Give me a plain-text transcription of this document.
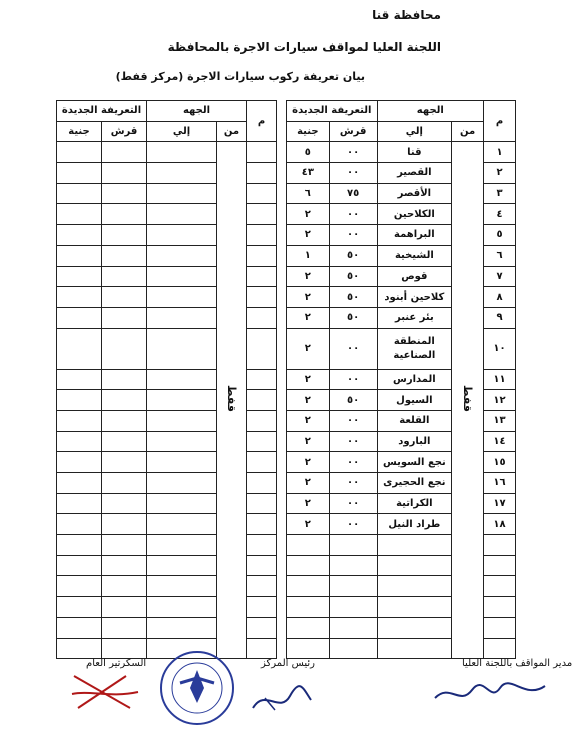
محافظة قنا
اللجنة العليا لمواقف سيارات الاجرة بالمحافظة
بيان تعريفة ركوب سيارات الاجرة (مركز قفط)
م	الجهه		التعريفة الجديدة	
	من	إلي	قرش	جنية
١	قفط	قنا	٠٠	٥
٢		القصير	٠٠	٤٣
٣		الأقصر	٧٥	٦
٤		الكلاحين	٠٠	٢
٥		البراهمة	٠٠	٢
٦		الشيخية	٥٠	١
٧		قوص	٥٠	٢
٨		كلاحين أبنود	٥٠	٢
٩		بئر عنبر	٥٠	٢
١٠		المنطقة الصناعية	٠٠	٢
١١		المدارس	٠٠	٢
١٢		السيول	٥٠	٢
١٣		القلعة	٠٠	٢
١٤		البارود	٠٠	٢
١٥		نجع السويس	٠٠	٢
١٦		نجع الحجيرى	٠٠	٢
١٧		الكراتية	٠٠	٢
١٨		طراد النيل	٠٠	٢

م	الجهه		التعريفة الجديدة	
	من	إلي	قرش	جنية
	قفط			

مدير المواقف باللجنة العليا
رئيس المركز
السكرتير العام
